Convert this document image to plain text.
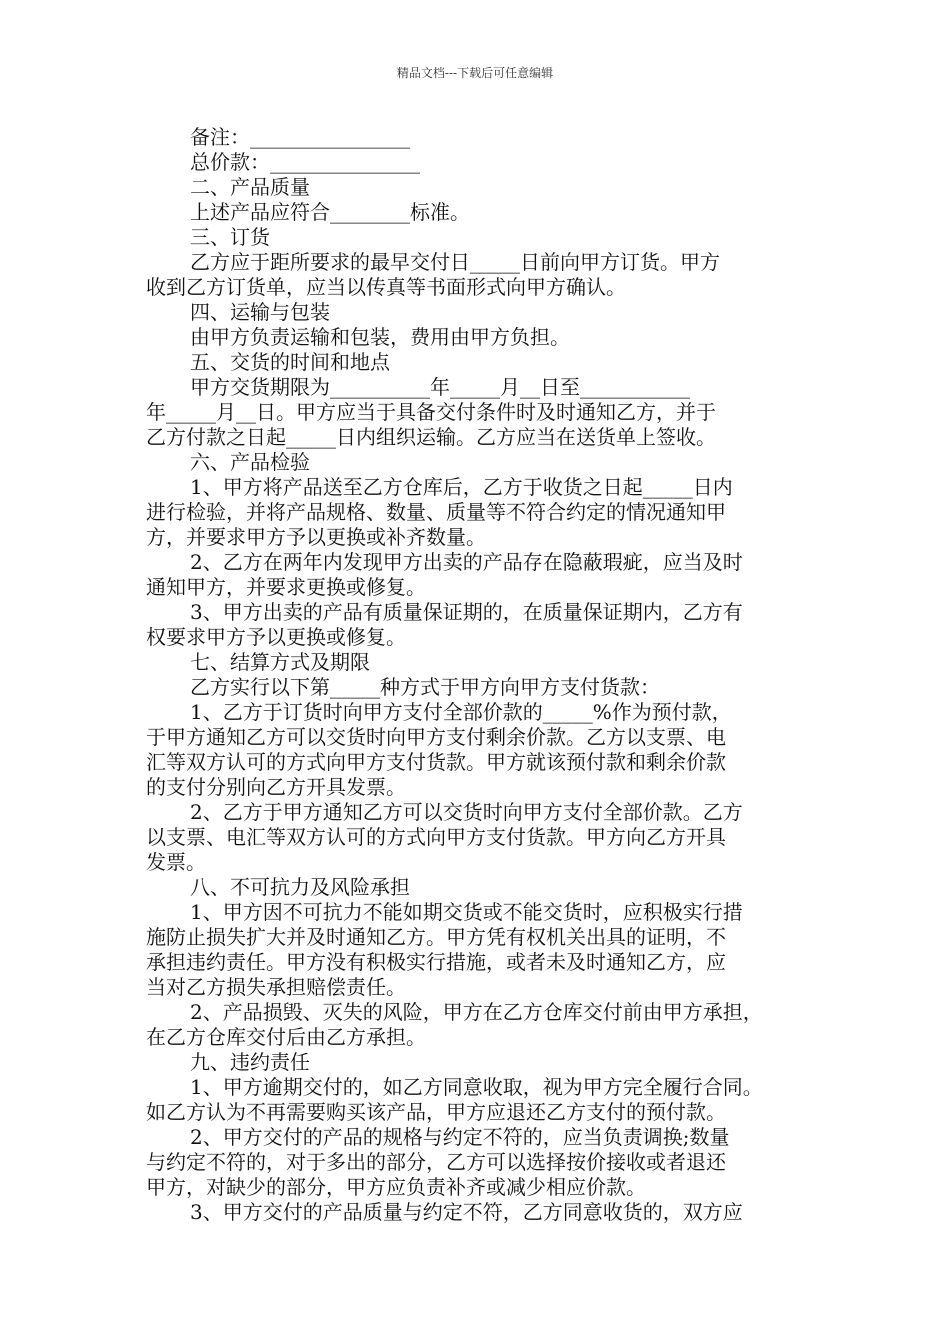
精品文档---下载后可任意编辑
备注：________________
总价款：_______________
二、产品质量
上述产品应符合________标准。
三、订货
乙方应于距所要求的最早交付日_____日前向甲方订货。甲方
收到乙方订货单，应当以传真等书面形式向甲方确认。
四、运输与包装
由甲方负责运输和包装，费用由甲方负担。
五、交货的时间和地点
甲方交货期限为__________年_____月__日至___________
年_____月__日。甲方应当于具备交付条件时及时通知乙方，并于
乙方付款之日起_____日内组织运输。乙方应当在送货单上签收。
六、产品检验
1、甲方将产品送至乙方仓库后，乙方于收货之日起_____日内
进行检验，并将产品规格、数量、质量等不符合约定的情况通知甲
方，并要求甲方予以更换或补齐数量。
2、乙方在两年内发现甲方出卖的产品存在隐蔽瑕疵，应当及时
通知甲方，并要求更换或修复。
3、甲方出卖的产品有质量保证期的，在质量保证期内，乙方有
权要求甲方予以更换或修复。
七、结算方式及期限
乙方实行以下第_____种方式于甲方向甲方支付货款：
1、乙方于订货时向甲方支付全部价款的_____%作为预付款，
于甲方通知乙方可以交货时向甲方支付剩余价款。乙方以支票、电
汇等双方认可的方式向甲方支付货款。甲方就该预付款和剩余价款
的支付分别向乙方开具发票。
2、乙方于甲方通知乙方可以交货时向甲方支付全部价款。乙方
以支票、电汇等双方认可的方式向甲方支付货款。甲方向乙方开具
发票。
八、不可抗力及风险承担
1、甲方因不可抗力不能如期交货或不能交货时，应积极实行措
施防止损失扩大并及时通知乙方。甲方凭有权机关出具的证明，不
承担违约责任。甲方没有积极实行措施，或者未及时通知乙方，应
当对乙方损失承担赔偿责任。
2、产品损毁、灭失的风险，甲方在乙方仓库交付前由甲方承担，
在乙方仓库交付后由乙方承担。
九、违约责任
1、甲方逾期交付的，如乙方同意收取，视为甲方完全履行合同。
如乙方认为不再需要购买该产品，甲方应退还乙方支付的预付款。
2、甲方交付的产品的规格与约定不符的，应当负责调换;数量
与约定不符的，对于多出的部分，乙方可以选择按价接收或者退还
甲方，对缺少的部分，甲方应负责补齐或减少相应价款。
3、甲方交付的产品质量与约定不符，乙方同意收货的，双方应
